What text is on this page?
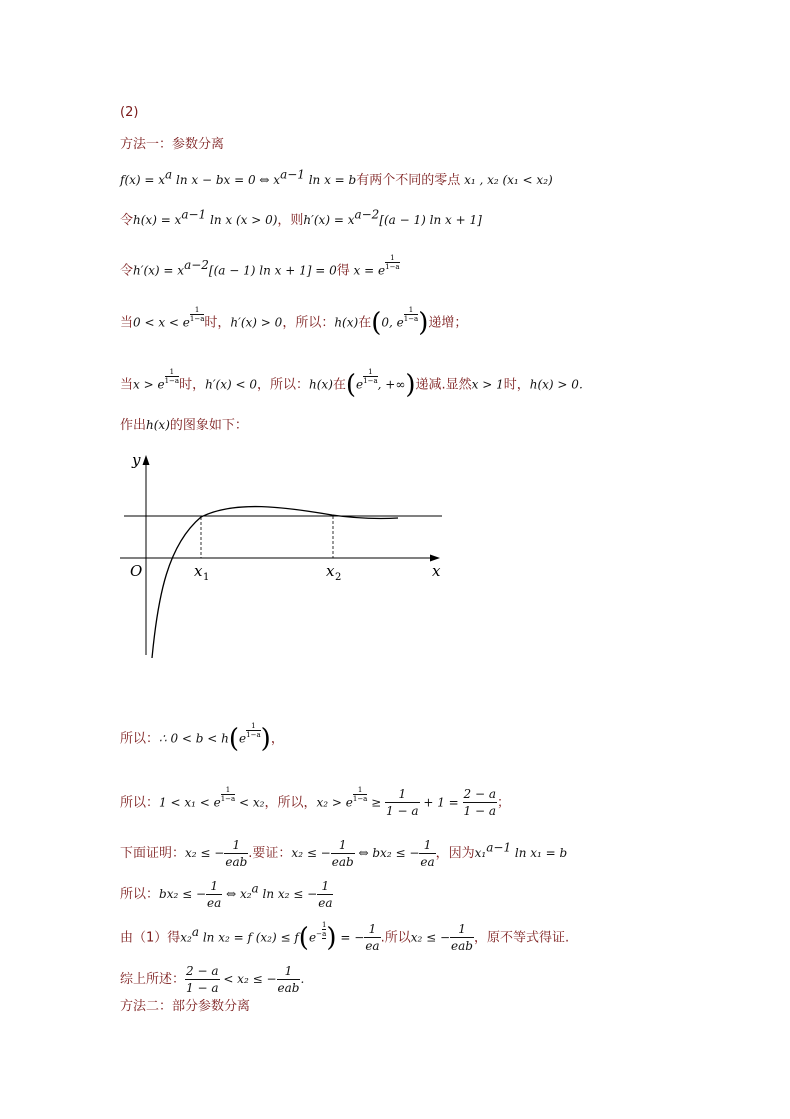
(2)
方法一：参数分离
$f(x) = x^a$ ln x − bx = 0 ⇔ $x^{a-1}$ ln x = b有两个不同的零点 x₁ , x₂ (x₁ < x₂)
令$h(x) = x^{a-1}$ ln x (x > 0)，则$h'(x) = x^{a-2}[(a - 1)$ ln x + 1]
令$h'(x) = x^{a-2}[(a - 1)$ ln x + 1] = 0得 x = e $\frac{1}{1-a}$
当0 < x < e $\frac{1}{1-a}$ 时，h′(x) > 0，所以：h(x)在(0, e $\frac{1}{1-a}$ )递增；
当x > e $\frac{1}{1-a}$ 时，h′(x) < 0，所以：h(x)在($e \frac{1}{1-a}$ , +∞)递减.显然x > 1时，h(x) > 0.
作出h(x)的图象如下：
y
x
O	x 1	x 2
所以：∴ $0 < b < h(e \frac{1}{1-a}$ )，
所以：1 < x₁ < e $\frac{1}{1-a} < x_2$，所以，x₂ > e $\frac{1}{1-a} \ge \frac{1}{1 - a} + 1 = \frac{2 - a}{1 - a}$ ；
下面证明：x₂ ≤ − $\frac{1}{\text{eab}}$ .要证：x₂ ≤ − $\frac{1}{\text{eab}}$ ⇔ bx₂ ≤ − $\frac{1}{ea}$ ，因为x₁$^{a-1}$ ln x₁ = b
所以：bx₂ ≤ − $\frac{1}{ea}$ ⇔ x₂$^a$ ln x₂ ≤ − $\frac{1}{ea}$
由（1）得x₂$^a$ ln x₂ = f $(x_2) \le f(e- \frac{1}{a}$ ) = − $\frac{1}{ea}$ .所以x₂ ≤ − $\frac{1}{\text{eab}}$ ，原不等式得证.
综上所述： $\frac{2 - a}{1 - a} < x_2$ ≤ − $\frac{1}{\text{eab}}$ .
方法二：部分参数分离
